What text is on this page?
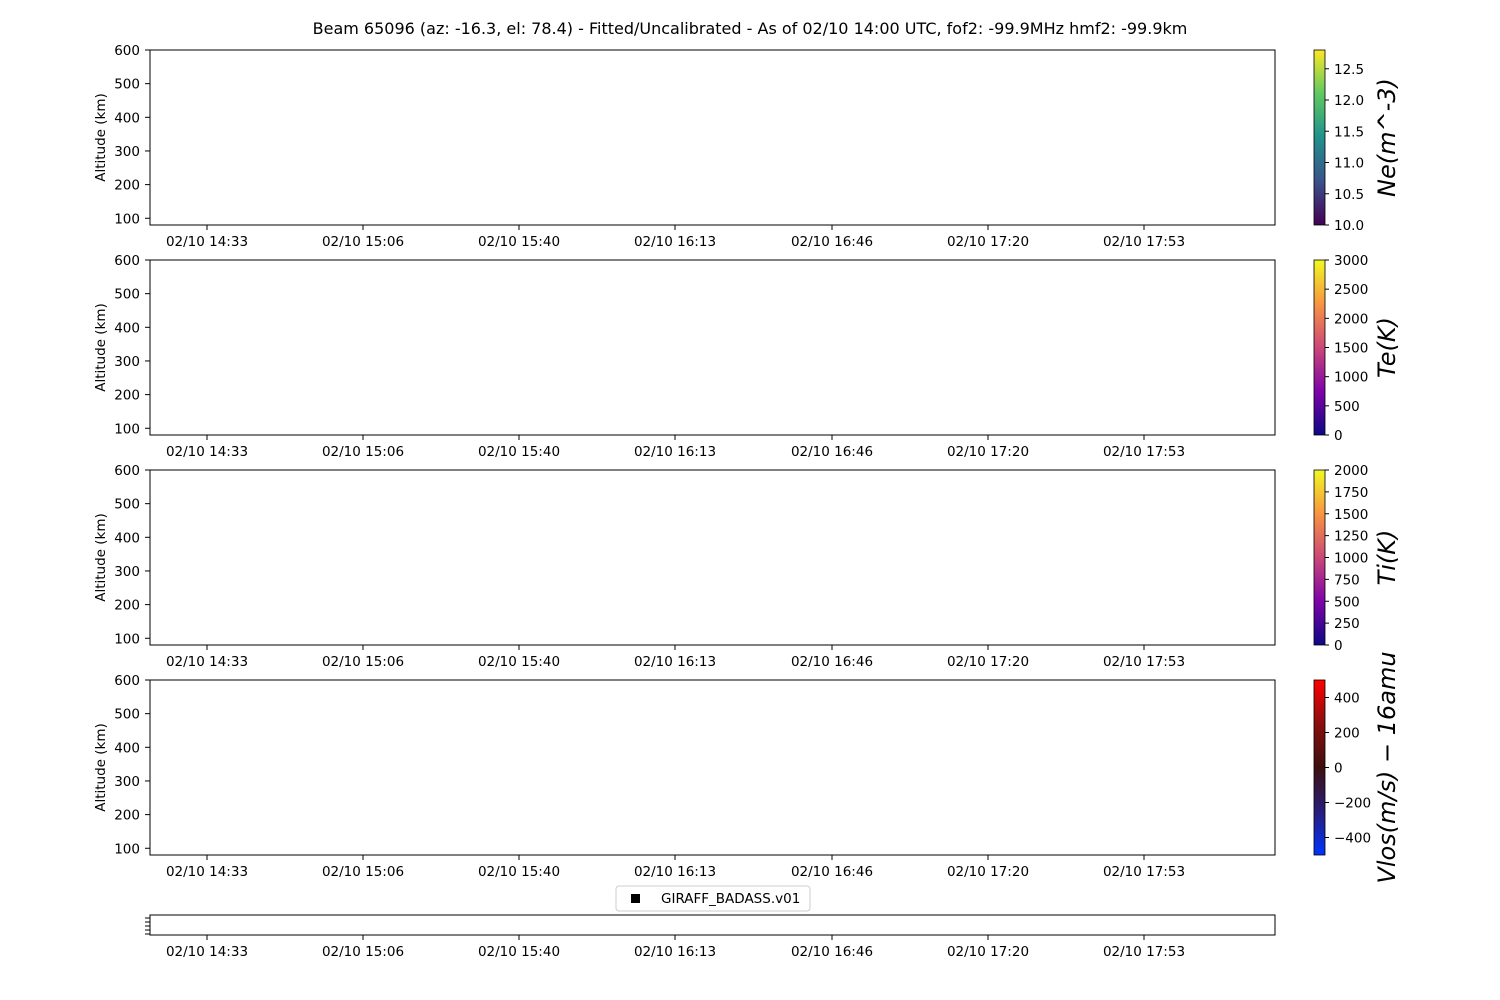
Beam 65096 (az: -16.3, el: 78.4) - Fitted/Uncalibrated - As of 02/10 14:00 UTC, fof2: -99.9MHz hmf2: -99.9km
100
200
300
400
500
600
Altitude (km)
02/10 14:33	02/10 15:06	02/10 15:40	02/10 16:13	02/10 16:46	02/10 17:20	02/10 17:53
10.0
10.5
11.0
11.5
12.0
12.5
Ne(m^-3)
100
200
300
400
500
600
Altitude (km)
02/10 14:33	02/10 15:06	02/10 15:40	02/10 16:13	02/10 16:46	02/10 17:20	02/10 17:53
0
500
1000
1500
2000
2500
3000
Te(K)
100
200
300
400
500
600
Altitude (km)
02/10 14:33	02/10 15:06	02/10 15:40	02/10 16:13	02/10 16:46	02/10 17:20	02/10 17:53
0
250
500
750
1000
1250
1500
1750
2000
Ti(K)
100
200
300
400
500
600
Altitude (km)
02/10 14:33	02/10 15:06	02/10 15:40	02/10 16:13	02/10 16:46	02/10 17:20	02/10 17:53
−400
−200
0
200
400 Vlos(m/s) − 16amu
02/10 14:33	02/10 15:06	02/10 15:40	02/10 16:13	02/10 16:46	02/10 17:20	02/10 17:53
GIRAFF_BADASS.v01
